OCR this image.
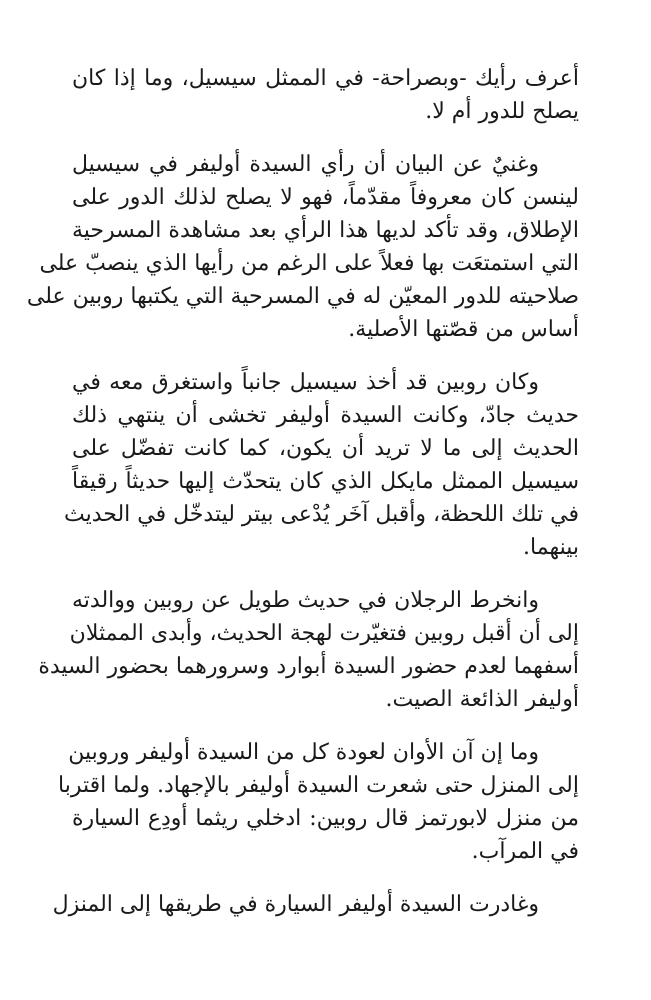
أعرف رأيك -وبصراحة- في الممثل سيسيل، وما إذا كان
يصلح للدور أم لا.

وغنيٌ عن البيان أن رأي السيدة أوليفر في سيسيل
لينسن كان معروفاً مقدّماً، فهو لا يصلح لذلك الدور على
الإطلاق، وقد تأكد لديها هذا الرأي بعد مشاهدة المسرحية
التي استمتعَت بها فعلاً على الرغم من رأيها الذي ينصبّ على
صلاحيته للدور المعيّن له في المسرحية التي يكتبها روبين على
أساس من قصّتها الأصلية.

وكان روبين قد أخذ سيسيل جانباً واستغرق معه في
حديث جادّ، وكانت السيدة أوليفر تخشى أن ينتهي ذلك
الحديث إلى ما لا تريد أن يكون، كما كانت تفضّل على
سيسيل الممثل مايكل الذي كان يتحدّث إليها حديثاً رقيقاً
في تلك اللحظة، وأقبل آخَر يُدْعى بيتر ليتدخّل في الحديث
بينهما.

وانخرط الرجلان في حديث طويل عن روبين ووالدته
إلى أن أقبل روبين فتغيّرت لهجة الحديث، وأبدى الممثلان
أسفهما لعدم حضور السيدة أبوارد وسرورهما بحضور السيدة
أوليفر الذائعة الصيت.

وما إن آن الأوان لعودة كل من السيدة أوليفر وروبين
إلى المنزل حتى شعرت السيدة أوليفر بالإجهاد. ولما اقتربا
من منزل لابورتمز قال روبين: ادخلي ريثما أودِع السيارة
في المرآب.

وغادرت السيدة أوليفر السيارة في طريقها إلى المنزل
